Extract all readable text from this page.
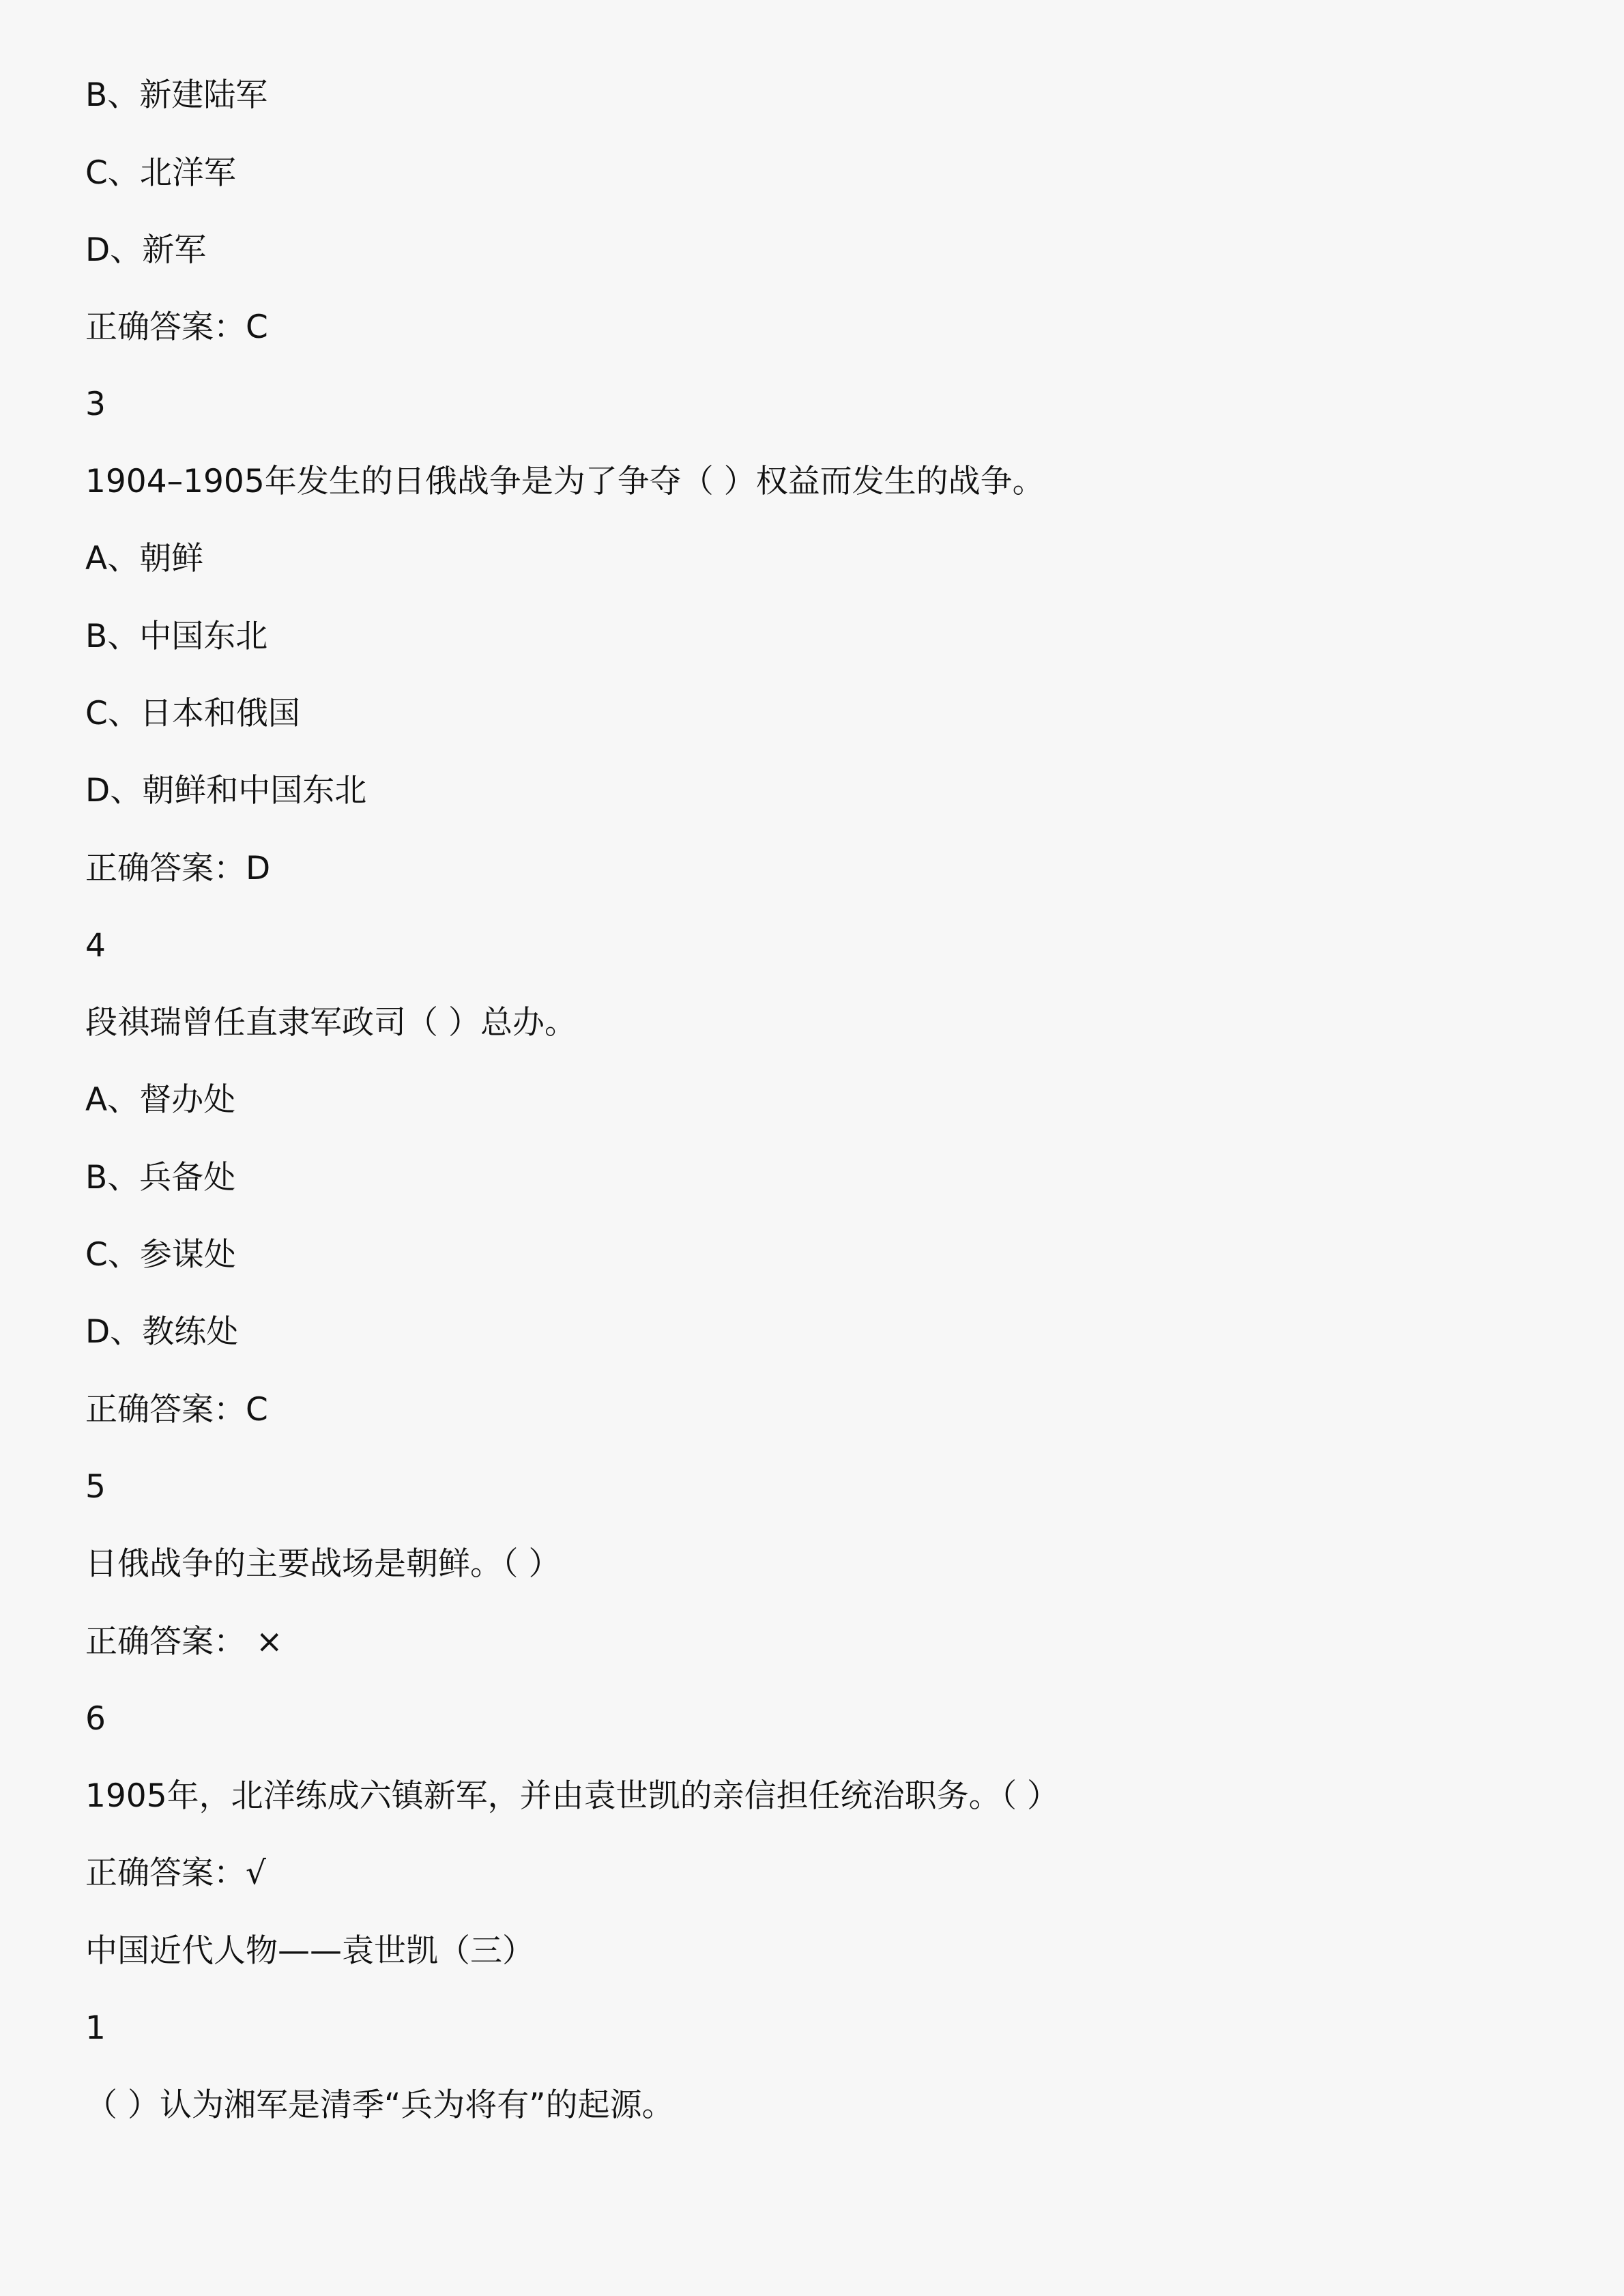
B、新建陆军
C、北洋军
D、新军
正确答案：C
3
1904–1905年发生的日俄战争是为了争夺（ ）权益而发生的战争。
A、朝鲜
B、中国东北
C、日本和俄国
D、朝鲜和中国东北
正确答案：D
4
段祺瑞曾任直隶军政司（ ）总办。
A、督办处
B、兵备处
C、参谋处
D、教练处
正确答案：C
5
日俄战争的主要战场是朝鲜。（ ）
正确答案： ×
6
1905年，北洋练成六镇新军，并由袁世凯的亲信担任统治职务。（ ）
正确答案：√
中国近代人物——袁世凯（三）
1
（ ）认为湘军是清季“兵为将有”的起源。
